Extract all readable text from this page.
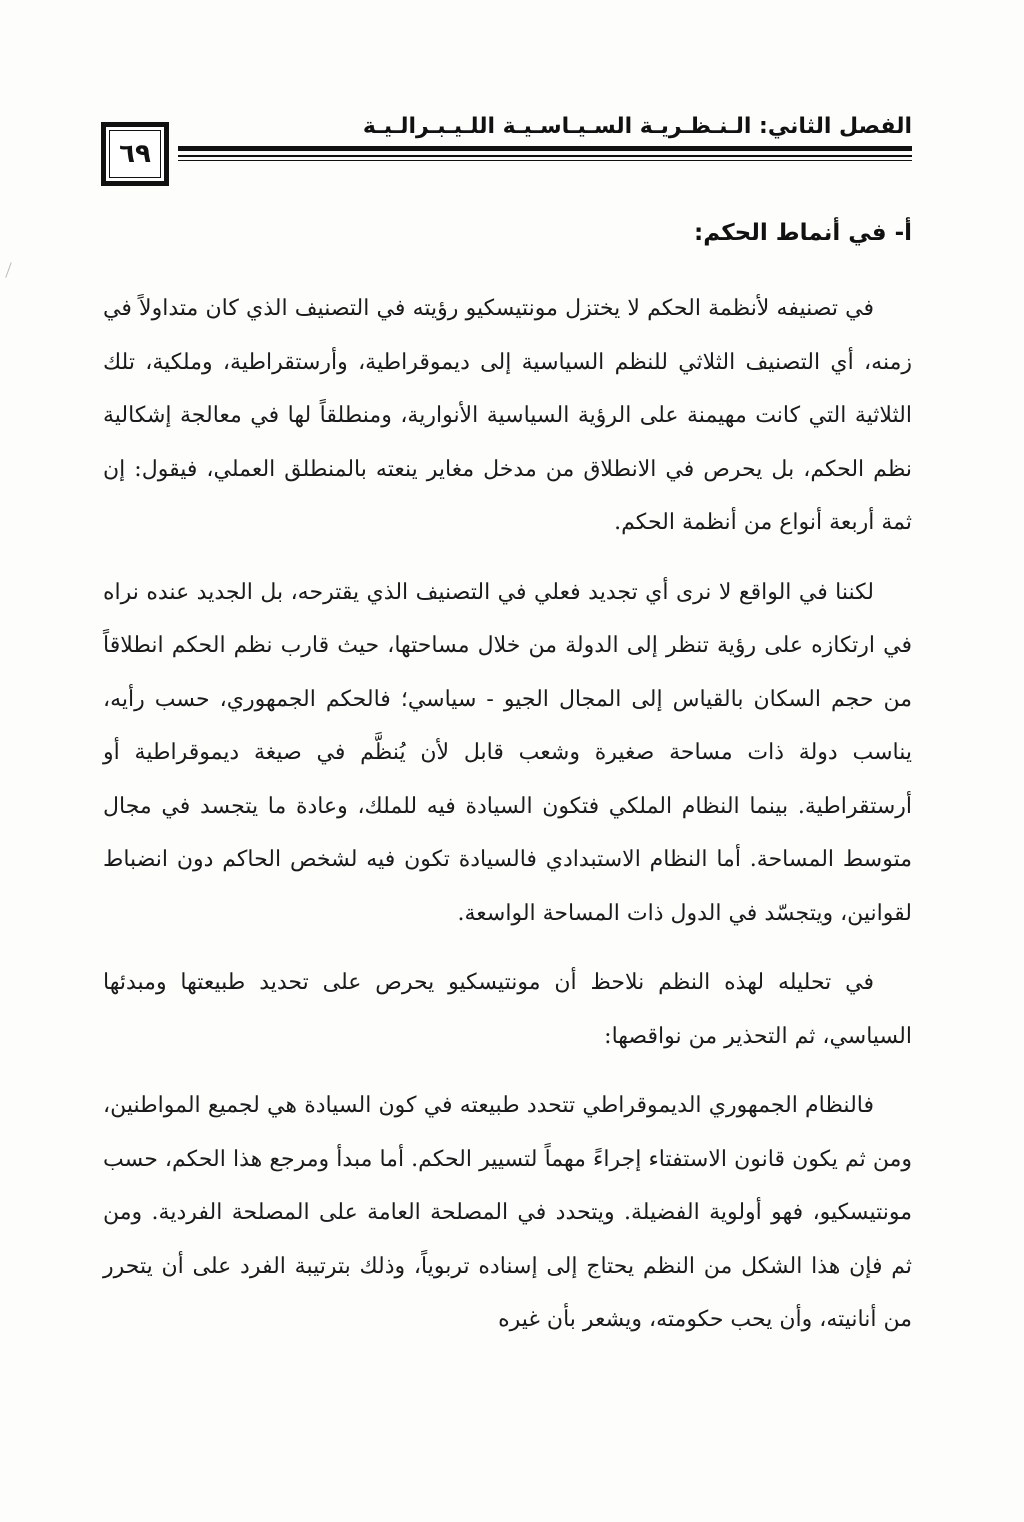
الفصل الثاني: الـنـظـريـة السـيـاسـيـة اللـيـبـرالـيـة
٦٩
أ- في أنماط الحكم:

في تصنيفه لأنظمة الحكم لا يختزل مونتيسكيو رؤيته في التصنيف الذي كان متداولاً في زمنه، أي التصنيف الثلاثي للنظم السياسية إلى ديموقراطية، وأرستقراطية، وملكية، تلك الثلاثية التي كانت مهيمنة على الرؤية السياسية الأنوارية، ومنطلقاً لها في معالجة إشكالية نظم الحكم، بل يحرص في الانطلاق من مدخل مغاير ينعته بالمنطلق العملي، فيقول: إن ثمة أربعة أنواع من أنظمة الحكم.

لكننا في الواقع لا نرى أي تجديد فعلي في التصنيف الذي يقترحه، بل الجديد عنده نراه في ارتكازه على رؤية تنظر إلى الدولة من خلال مساحتها، حيث قارب نظم الحكم انطلاقاً من حجم السكان بالقياس إلى المجال الجيو - سياسي؛ فالحكم الجمهوري، حسب رأيه، يناسب دولة ذات مساحة صغيرة وشعب قابل لأن يُنظَّم في صيغة ديموقراطية أو أرستقراطية. بينما النظام الملكي فتكون السيادة فيه للملك، وعادة ما يتجسد في مجال متوسط المساحة. أما النظام الاستبدادي فالسيادة تكون فيه لشخص الحاكم دون انضباط لقوانين، ويتجسّد في الدول ذات المساحة الواسعة.

في تحليله لهذه النظم نلاحظ أن مونتيسكيو يحرص على تحديد طبيعتها ومبدئها السياسي، ثم التحذير من نواقصها:

فالنظام الجمهوري الديموقراطي تتحدد طبيعته في كون السيادة هي لجميع المواطنين، ومن ثم يكون قانون الاستفتاء إجراءً مهماً لتسيير الحكم. أما مبدأ ومرجع هذا الحكم، حسب مونتيسكيو، فهو أولوية الفضيلة. ويتحدد في المصلحة العامة على المصلحة الفردية. ومن ثم فإن هذا الشكل من النظم يحتاج إلى إسناده تربوياً، وذلك بترتيبة الفرد على أن يتحرر من أنانيته، وأن يحب حكومته، ويشعر بأن غيره
